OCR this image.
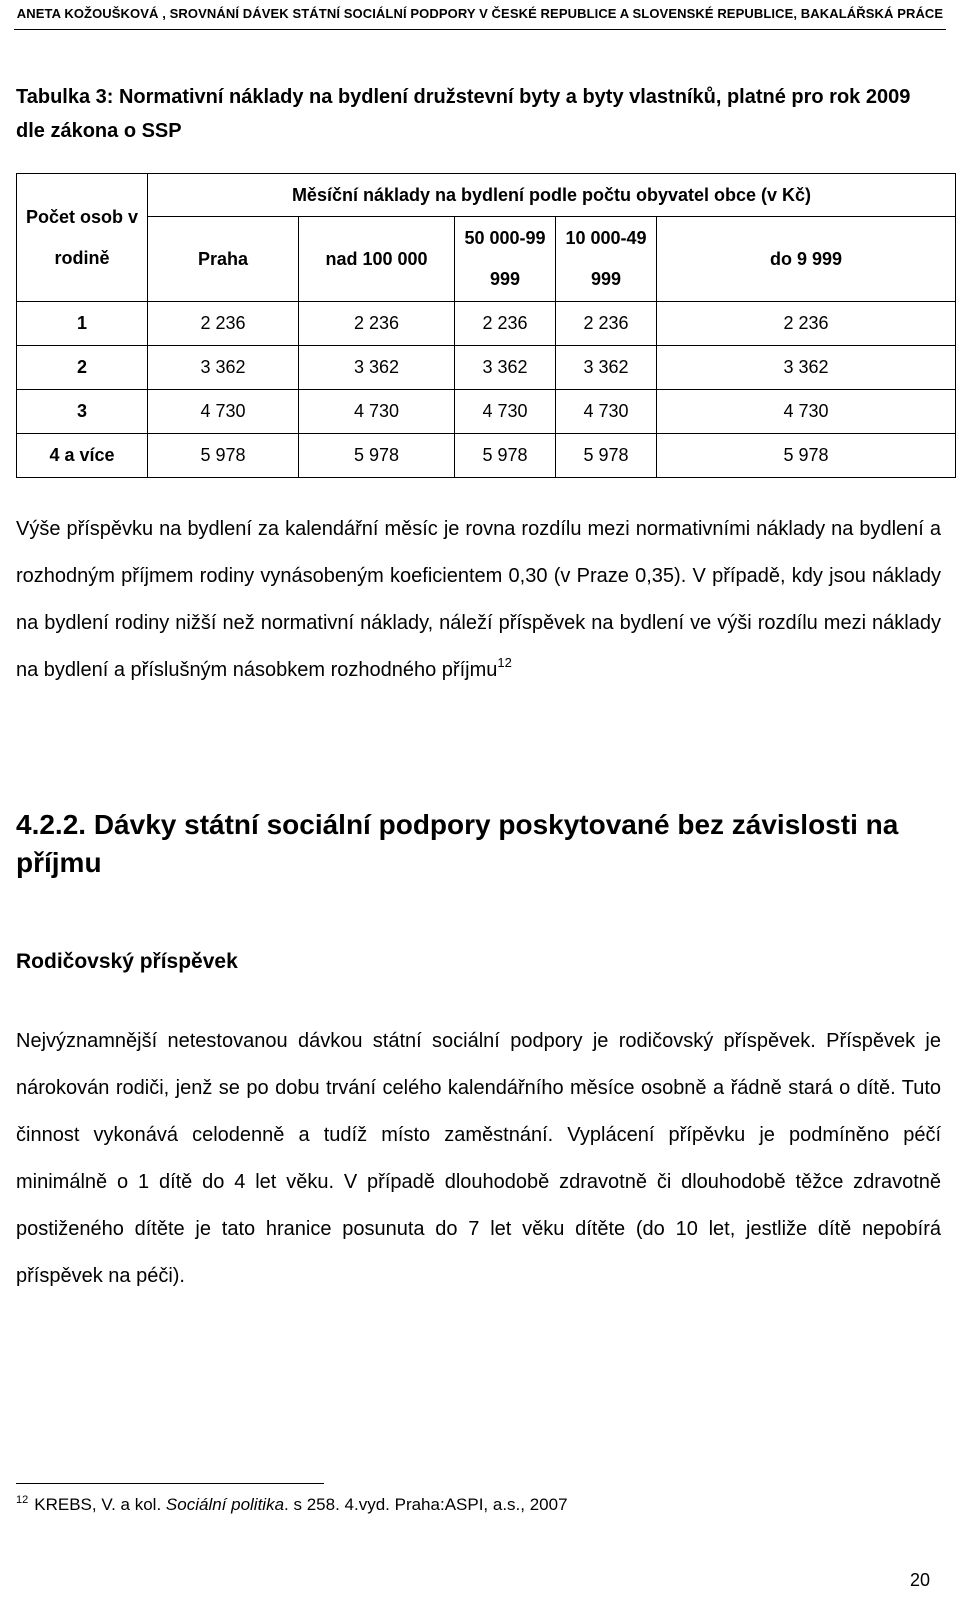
ANETA KOŽOUŠKOVÁ , SROVNÁNÍ DÁVEK STÁTNÍ SOCIÁLNÍ PODPORY V ČESKÉ REPUBLICE A SLOVENSKÉ REPUBLICE, BAKALÁŘSKÁ PRÁCE
Tabulka 3: Normativní náklady na bydlení družstevní byty a byty vlastníků, platné pro rok 2009 dle zákona o SSP
Počet osob v rodině	Měsíční náklady na bydlení podle počtu obyvatel obce (v Kč)				
	Praha	nad 100 000	50 000-99 999	10 000-49 999	do 9 999
1	2 236	2 236	2 236	2 236	2 236
2	3 362	3 362	3 362	3 362	3 362
3	4 730	4 730	4 730	4 730	4 730
4 a více	5 978	5 978	5 978	5 978	5 978
Výše příspěvku na bydlení za kalendářní měsíc je rovna rozdílu mezi normativními náklady na bydlení a rozhodným příjmem rodiny vynásobeným koeficientem 0,30 (v Praze 0,35). V případě, kdy jsou náklady na bydlení rodiny nižší než normativní náklady, náleží příspěvek na bydlení ve výši rozdílu mezi náklady na bydlení a příslušným násobkem rozhodného příjmu$^{12}$
4.2.2. Dávky státní sociální podpory poskytované bez závislosti na příjmu
Rodičovský příspěvek
Nejvýznamnější netestovanou dávkou státní sociální podpory je rodičovský příspěvek. Příspěvek je nárokován rodiči, jenž se po dobu trvání celého kalendářního měsíce osobně a řádně stará o dítě. Tuto činnost vykonává celodenně a tudíž místo zaměstnání. Vyplácení přípěvku je podmíněno péčí minimálně o 1 dítě do 4 let věku. V případě dlouhodobě zdravotně či dlouhodobě těžce zdravotně postiženého dítěte je tato hranice posunuta do 7 let věku dítěte (do 10 let, jestliže dítě nepobírá příspěvek na péči).
$^{12}$ KREBS, V. a kol. Sociální politika. s 258. 4.vyd. Praha:ASPI, a.s., 2007
20
